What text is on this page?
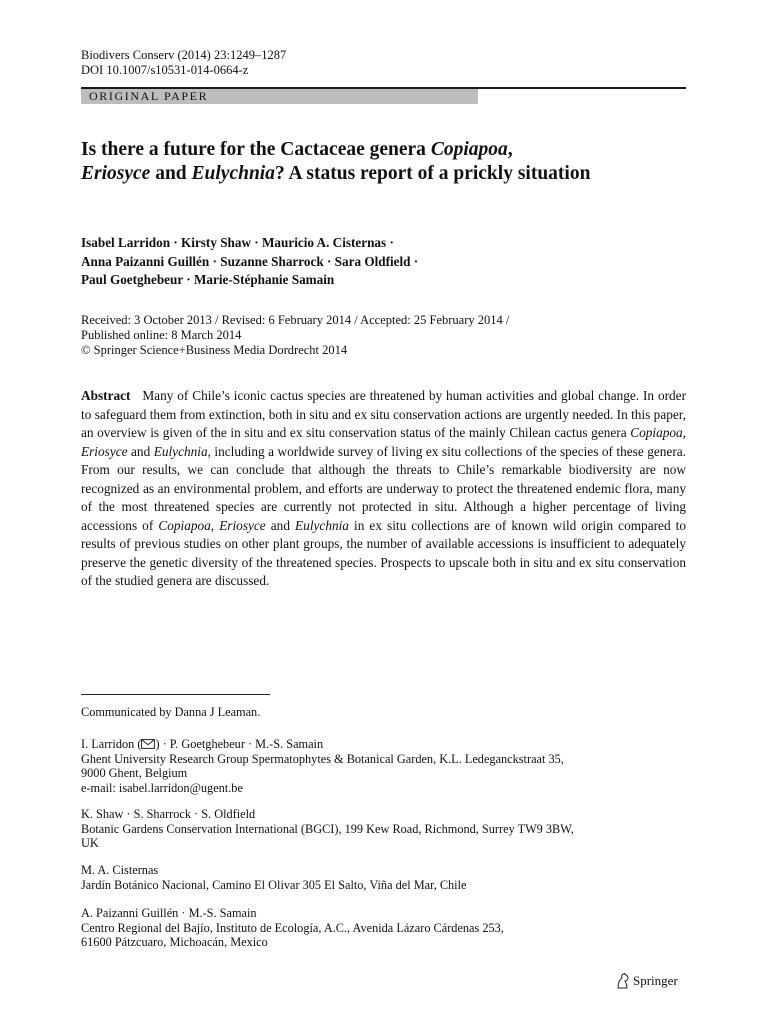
Biodivers Conserv (2014) 23:1249–1287
DOI 10.1007/s10531-014-0664-z
ORIGINAL PAPER
Is there a future for the Cactaceae genera Copiapoa,
Eriosyce and Eulychnia? A status report of a prickly situation
Isabel Larridon · Kirsty Shaw · Mauricio A. Cisternas ·
Anna Paizanni Guillén · Suzanne Sharrock · Sara Oldfield ·
Paul Goetghebeur · Marie-Stéphanie Samain
Received: 3 October 2013 / Revised: 6 February 2014 / Accepted: 25 February 2014 /
Published online: 8 March 2014
© Springer Science+Business Media Dordrecht 2014
Abstract Many of Chile’s iconic cactus species are threatened by human activities and global change. In order to safeguard them from extinction, both in situ and ex situ conservation actions are urgently needed. In this paper, an overview is given of the in situ and ex situ conservation status of the mainly Chilean cactus genera Copiapoa, Eriosyce and Eulychnia, including a worldwide survey of living ex situ collections of the species of these genera. From our results, we can conclude that although the threats to Chile’s remarkable biodiversity are now recognized as an environmental problem, and efforts are underway to protect the threatened endemic flora, many of the most threatened species are currently not protected in situ. Although a higher percentage of living accessions of Copiapoa, Eriosyce and Eulychnia in ex situ collections are of known wild origin compared to results of previous studies on other plant groups, the number of available accessions is insufficient to adequately preserve the genetic diversity of the threatened species. Prospects to upscale both in situ and ex situ conservation of the studied genera are discussed.
Communicated by Danna J Leaman.
I. Larridon ( ) · P. Goetghebeur · M.-S. Samain
Ghent University Research Group Spermatophytes & Botanical Garden, K.L. Ledeganckstraat 35,
9000 Ghent, Belgium
e-mail: isabel.larridon@ugent.be
K. Shaw · S. Sharrock · S. Oldfield
Botanic Gardens Conservation International (BGCI), 199 Kew Road, Richmond, Surrey TW9 3BW,
UK
M. A. Cisternas
Jardín Botánico Nacional, Camino El Olivar 305 El Salto, Viña del Mar, Chile
A. Paizanni Guillén · M.-S. Samain
Centro Regional del Bajío, Instituto de Ecología, A.C., Avenida Lázaro Cárdenas 253,
61600 Pátzcuaro, Michoacán, Mexico
Springer
